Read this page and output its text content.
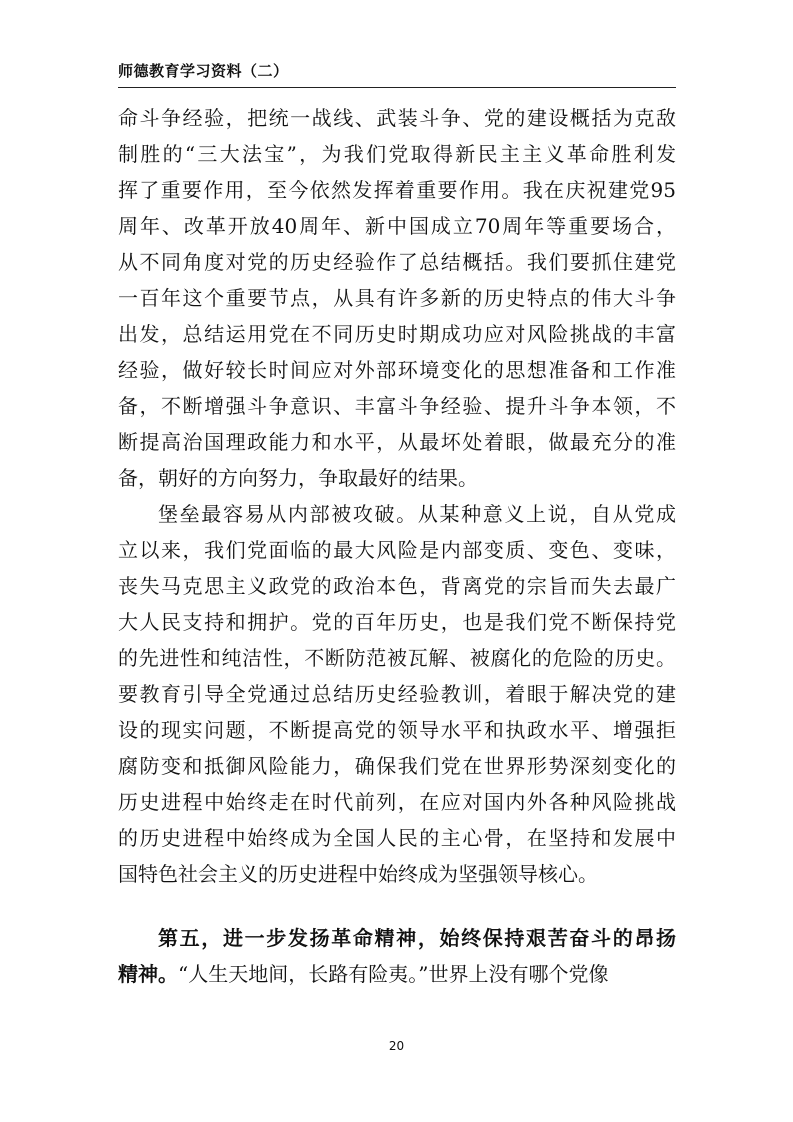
师德教育学习资料（二）
命斗争经验，把统一战线、武装斗争、党的建设概括为克敌
制胜的“三大法宝”，为我们党取得新民主主义革命胜利发
挥了重要作用，至今依然发挥着重要作用。我在庆祝建党95
周年、改革开放40周年、新中国成立70周年等重要场合，
从不同角度对党的历史经验作了总结概括。我们要抓住建党
一百年这个重要节点，从具有许多新的历史特点的伟大斗争
出发，总结运用党在不同历史时期成功应对风险挑战的丰富
经验，做好较长时间应对外部环境变化的思想准备和工作准
备，不断增强斗争意识、丰富斗争经验、提升斗争本领，不
断提高治国理政能力和水平，从最坏处着眼，做最充分的准
备，朝好的方向努力，争取最好的结果。
堡垒最容易从内部被攻破。从某种意义上说，自从党成
立以来，我们党面临的最大风险是内部变质、变色、变味，
丧失马克思主义政党的政治本色，背离党的宗旨而失去最广
大人民支持和拥护。党的百年历史，也是我们党不断保持党
的先进性和纯洁性，不断防范被瓦解、被腐化的危险的历史。
要教育引导全党通过总结历史经验教训，着眼于解决党的建
设的现实问题，不断提高党的领导水平和执政水平、增强拒
腐防变和抵御风险能力，确保我们党在世界形势深刻变化的
历史进程中始终走在时代前列，在应对国内外各种风险挑战
的历史进程中始终成为全国人民的主心骨，在坚持和发展中
国特色社会主义的历史进程中始终成为坚强领导核心。
第五，进一步发扬革命精神，始终保持艰苦奋斗的昂扬
精神。“人生天地间，长路有险夷。”世界上没有哪个党像
20
